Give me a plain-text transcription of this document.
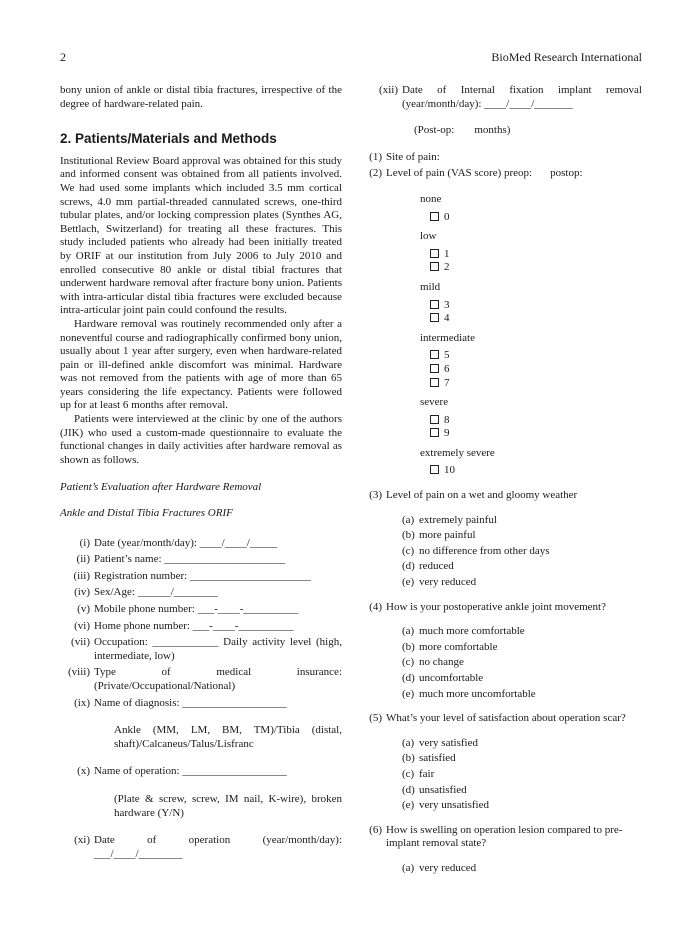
2	BioMed Research International

bony union of ankle or distal tibia fractures, irrespective of the degree of hardware-related pain.

2. Patients/Materials and Methods

Institutional Review Board approval was obtained for this study and informed consent was obtained from all patients involved. We had used some implants which included 3.5 mm cortical screws, 4.0 mm partial-threaded cannulated screws, one-third tubular plates, and/or locking compression plates (Synthes AG, Bettlach, Switzerland) for treating all these fractures. This study included patients who already had been initially treated by ORIF at our institution from July 2006 to July 2010 and enrolled consecutive 80 ankle or distal tibial fractures that underwent hardware removal after fracture bony union. Patients with intra-articular distal tibia fractures were excluded because intra-articular joint pain could confound the results.

Hardware removal was routinely recommended only after a noneventful course and radiographically confirmed bony union, usually about 1 year after surgery, even when hardware-related pain or ill-defined ankle discomfort was minimal. Hardware was not removed from the patients with age of more than 65 years considering the life expectancy. Patients were followed up for at least 6 months after removal.

Patients were interviewed at the clinic by one of the authors (JIK) who used a custom-made questionnaire to evaluate the functional changes in daily activities after hardware removal as shown as follows.

Patient’s Evaluation after Hardware Removal

Ankle and Distal Tibia Fractures ORIF

(i) Date (year/month/day): ____/____/_____
(ii) Patient’s name: ______________________
(iii) Registration number: ______________________
(iv) Sex/Age: ______/________
(v) Mobile phone number: ___-____-__________
(vi) Home phone number: ___-____-__________
(vii) Occupation: ____________ Daily activity level (high, intermediate, low)
(viii) Type of medical insurance: (Private/Occupational/National)
(ix) Name of diagnosis: ___________________
Ankle (MM, LM, BM, TM)/Tibia (distal, shaft)/Calcaneus/Talus/Lisfranc
(x) Name of operation: ___________________
(Plate & screw, screw, IM nail, K-wire), broken hardware (Y/N)
(xi) Date of operation (year/month/day): ___/____/________
(xii) Date of Internal fixation implant removal (year/month/day): ____/____/_______
(Post-op: months)
(1) Site of pain:
(2) Level of pain (VAS score) preop: postop:
none
0
low
1
2
mild
3
4
intermediate
5
6
7
severe
8
9
extremely severe
10
(3) Level of pain on a wet and gloomy weather
(a) extremely painful
(b) more painful
(c) no difference from other days
(d) reduced
(e) very reduced
(4) How is your postoperative ankle joint movement?
(a) much more comfortable
(b) more comfortable
(c) no change
(d) uncomfortable
(e) much more uncomfortable
(5) What’s your level of satisfaction about operation scar?
(a) very satisfied
(b) satisfied
(c) fair
(d) unsatisfied
(e) very unsatisfied
(6) How is swelling on operation lesion compared to pre-implant removal state?
(a) very reduced
